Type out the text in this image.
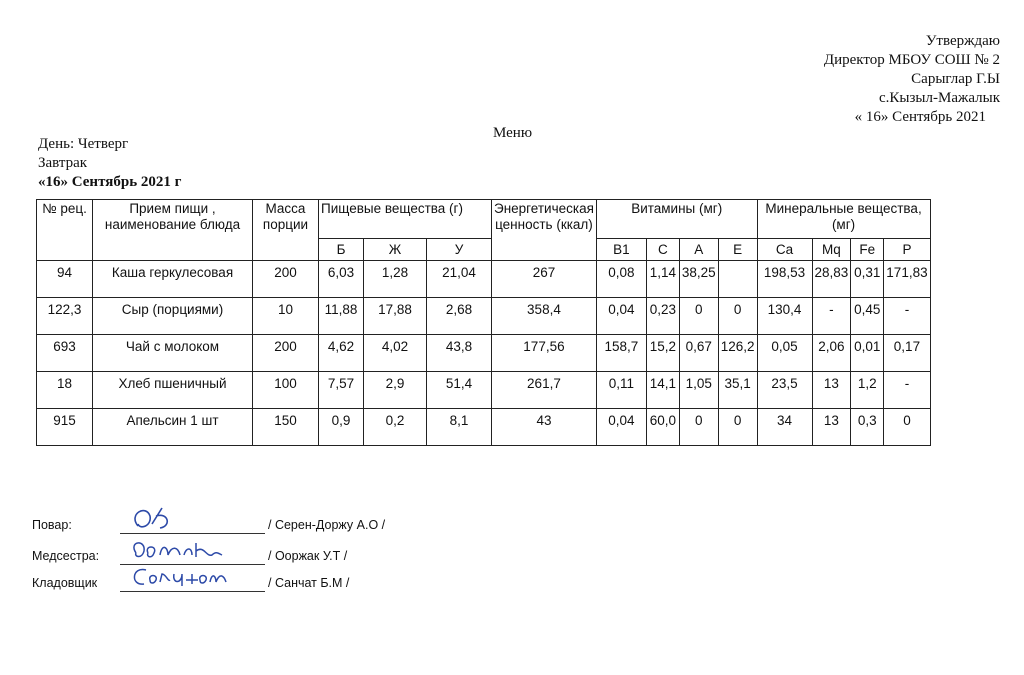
Утверждаю
Директор МБОУ СОШ № 2
Сарыглар Г.Ы
с.Кызыл-Мажалык
« 16» Сентябрь 2021
Меню
День: Четверг
Завтрак
«16» Сентябрь 2021 г
№ рец.	Прием пищи , наименование блюда	Масса порции	Пищевые вещества (г)			Энергетическая ценность (ккал)	Витамины (мг)				Минеральные вещества, (мг)			
			Б	Ж	У		B1	C	A	E	Ca	Mq	Fe	P
94	Каша геркулесовая	200	6,03	1,28	21,04	267	0,08	1,14	38,25		198,53	28,83	0,31	171,83
122,3	Сыр (порциями)	10	11,88	17,88	2,68	358,4	0,04	0,23	0	0	130,4	-	0,45	-
693	Чай с молоком	200	4,62	4,02	43,8	177,56	158,7	15,2	0,67	126,2	0,05	2,06	0,01	0,17
18	Хлеб пшеничный	100	7,57	2,9	51,4	261,7	0,11	14,1	1,05	35,1	23,5	13	1,2	-
915	Апельсин 1 шт	150	0,9	0,2	8,1	43	0,04	60,0	0	0	34	13	0,3	0
Повар:	/ Серен-Доржу А.О /
Медсестра:	/ Ооржак У.Т /
Кладовщик	/ Санчат Б.М /
